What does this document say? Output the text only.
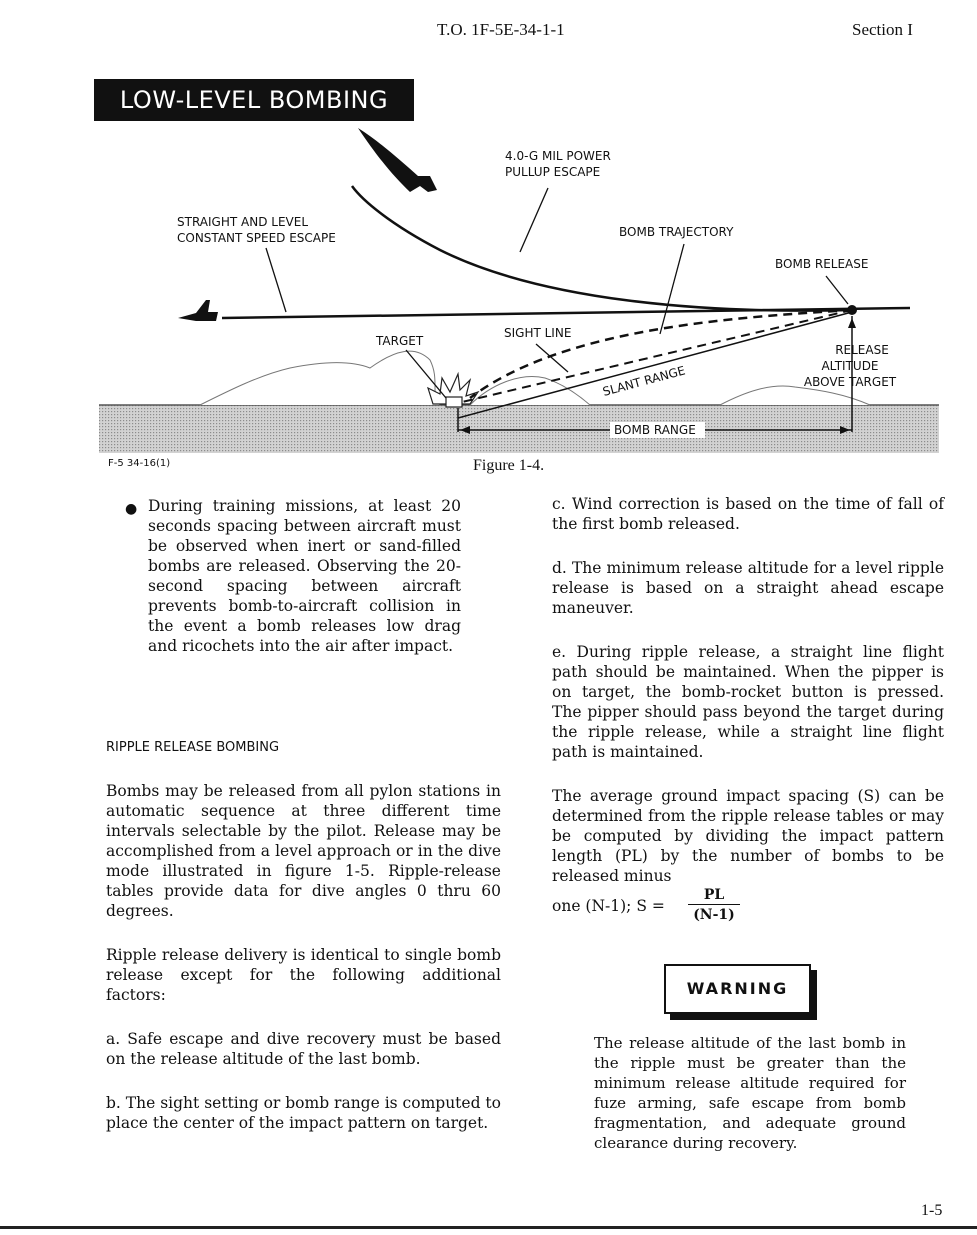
T.O. 1F-5E-34-1-1	Section I
LOW-LEVEL BOMBING
4.0-G MIL POWER
PULLUP ESCAPE
STRAIGHT AND LEVEL
CONSTANT SPEED ESCAPE	BOMB TRAJECTORY
BOMB RELEASE
TARGET
SIGHT LINE
SLANT RANGE
RELEASE
ALTITUDE
ABOVE TARGET
BOMB RANGE
F-5 34-16(1)	Figure 1-4.
● During training missions, at least 20 seconds spacing between aircraft must be observed when inert or sand-filled bombs are released. Observing the 20-second spacing between aircraft prevents bomb-to-aircraft collision in the event a bomb releases low drag and ricochets into the air after impact.
RIPPLE RELEASE BOMBING

Bombs may be released from all pylon stations in automatic sequence at three different time intervals selectable by the pilot. Release may be accomplished from a level approach or in the dive mode illustrated in figure 1-5. Ripple-release tables provide data for dive angles 0 thru 60 degrees.

Ripple release delivery is identical to single bomb release except for the following additional factors:

a. Safe escape and dive recovery must be based on the release altitude of the last bomb.

b. The sight setting or bomb range is computed to place the center of the impact pattern on target.

c. Wind correction is based on the time of fall of the first bomb released.

d. The minimum release altitude for a level ripple release is based on a straight ahead escape maneuver.

e. During ripple release, a straight line flight path should be maintained. When the pipper is on target, the bomb-rocket button is pressed. The pipper should pass beyond the target during the ripple release, while a straight line flight path is maintained.

The average ground impact spacing (S) can be determined from the ripple release tables or may be computed by dividing the impact pattern length (PL) by the number of bombs to be released minus

one (N-1); $S = \frac{PL}{(N-1)}$
WARNING
The release altitude of the last bomb in the ripple must be greater than the minimum release altitude required for fuze arming, safe escape from bomb fragmentation, and adequate ground clearance during recovery.
1-5
